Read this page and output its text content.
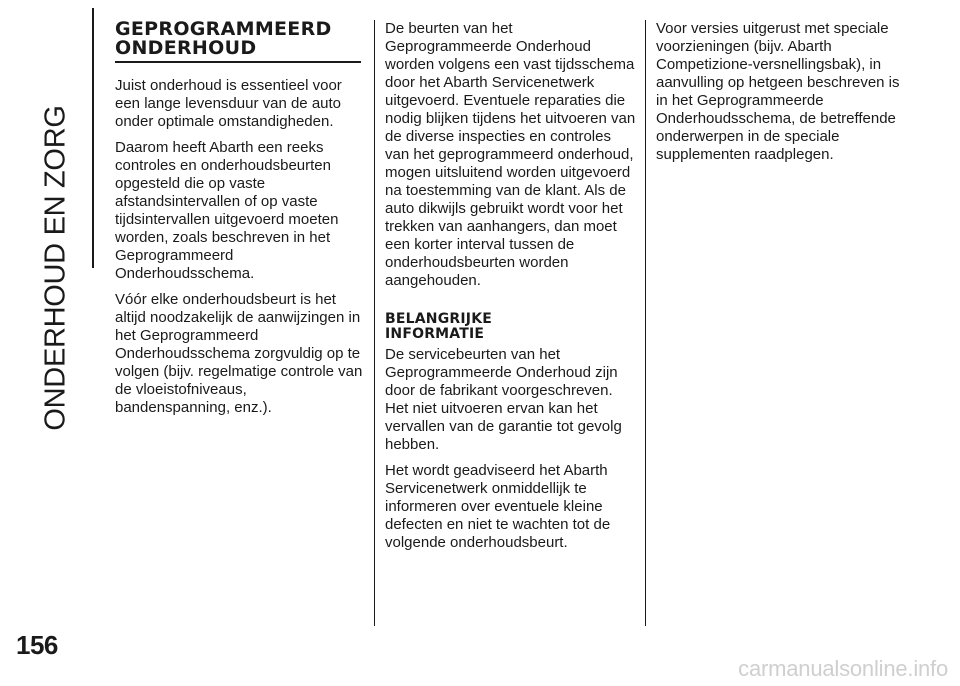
ONDERHOUD EN ZORG
GEPROGRAMMEERD
ONDERHOUD

Juist onderhoud is essentieel voor een lange levensduur van de auto onder optimale omstandigheden.

Daarom heeft Abarth een reeks controles en onderhoudsbeurten opgesteld die op vaste afstandsintervallen of op vaste tijdsintervallen uitgevoerd moeten worden, zoals beschreven in het Geprogrammeerd Onderhoudsschema.

Vóór elke onderhoudsbeurt is het altijd noodzakelijk de aanwijzingen in het Geprogrammeerd Onderhoudsschema zorgvuldig op te volgen (bijv. regelmatige controle van de vloeistofniveaus, bandenspanning, enz.).

De beurten van het Geprogrammeerde Onderhoud worden volgens een vast tijdsschema door het Abarth Servicenetwerk uitgevoerd. Eventuele reparaties die nodig blijken tijdens het uitvoeren van de diverse inspecties en controles van het geprogrammeerd onderhoud, mogen uitsluitend worden uitgevoerd na toestemming van de klant. Als de auto dikwijls gebruikt wordt voor het trekken van aanhangers, dan moet een korter interval tussen de onderhoudsbeurten worden aangehouden.

BELANGRIJKE
INFORMATIE

De servicebeurten van het Geprogrammeerde Onderhoud zijn door de fabrikant voorgeschreven. Het niet uitvoeren ervan kan het vervallen van de garantie tot gevolg hebben.

Het wordt geadviseerd het Abarth Servicenetwerk onmiddellijk te informeren over eventuele kleine defecten en niet te wachten tot de volgende onderhoudsbeurt.

Voor versies uitgerust met speciale voorzieningen (bijv. Abarth Competizione-versnellingsbak), in aanvulling op hetgeen beschreven is in het Geprogrammeerde Onderhoudsschema, de betreffende onderwerpen in de speciale supplementen raadplegen.

156
carmanualsonline.info
